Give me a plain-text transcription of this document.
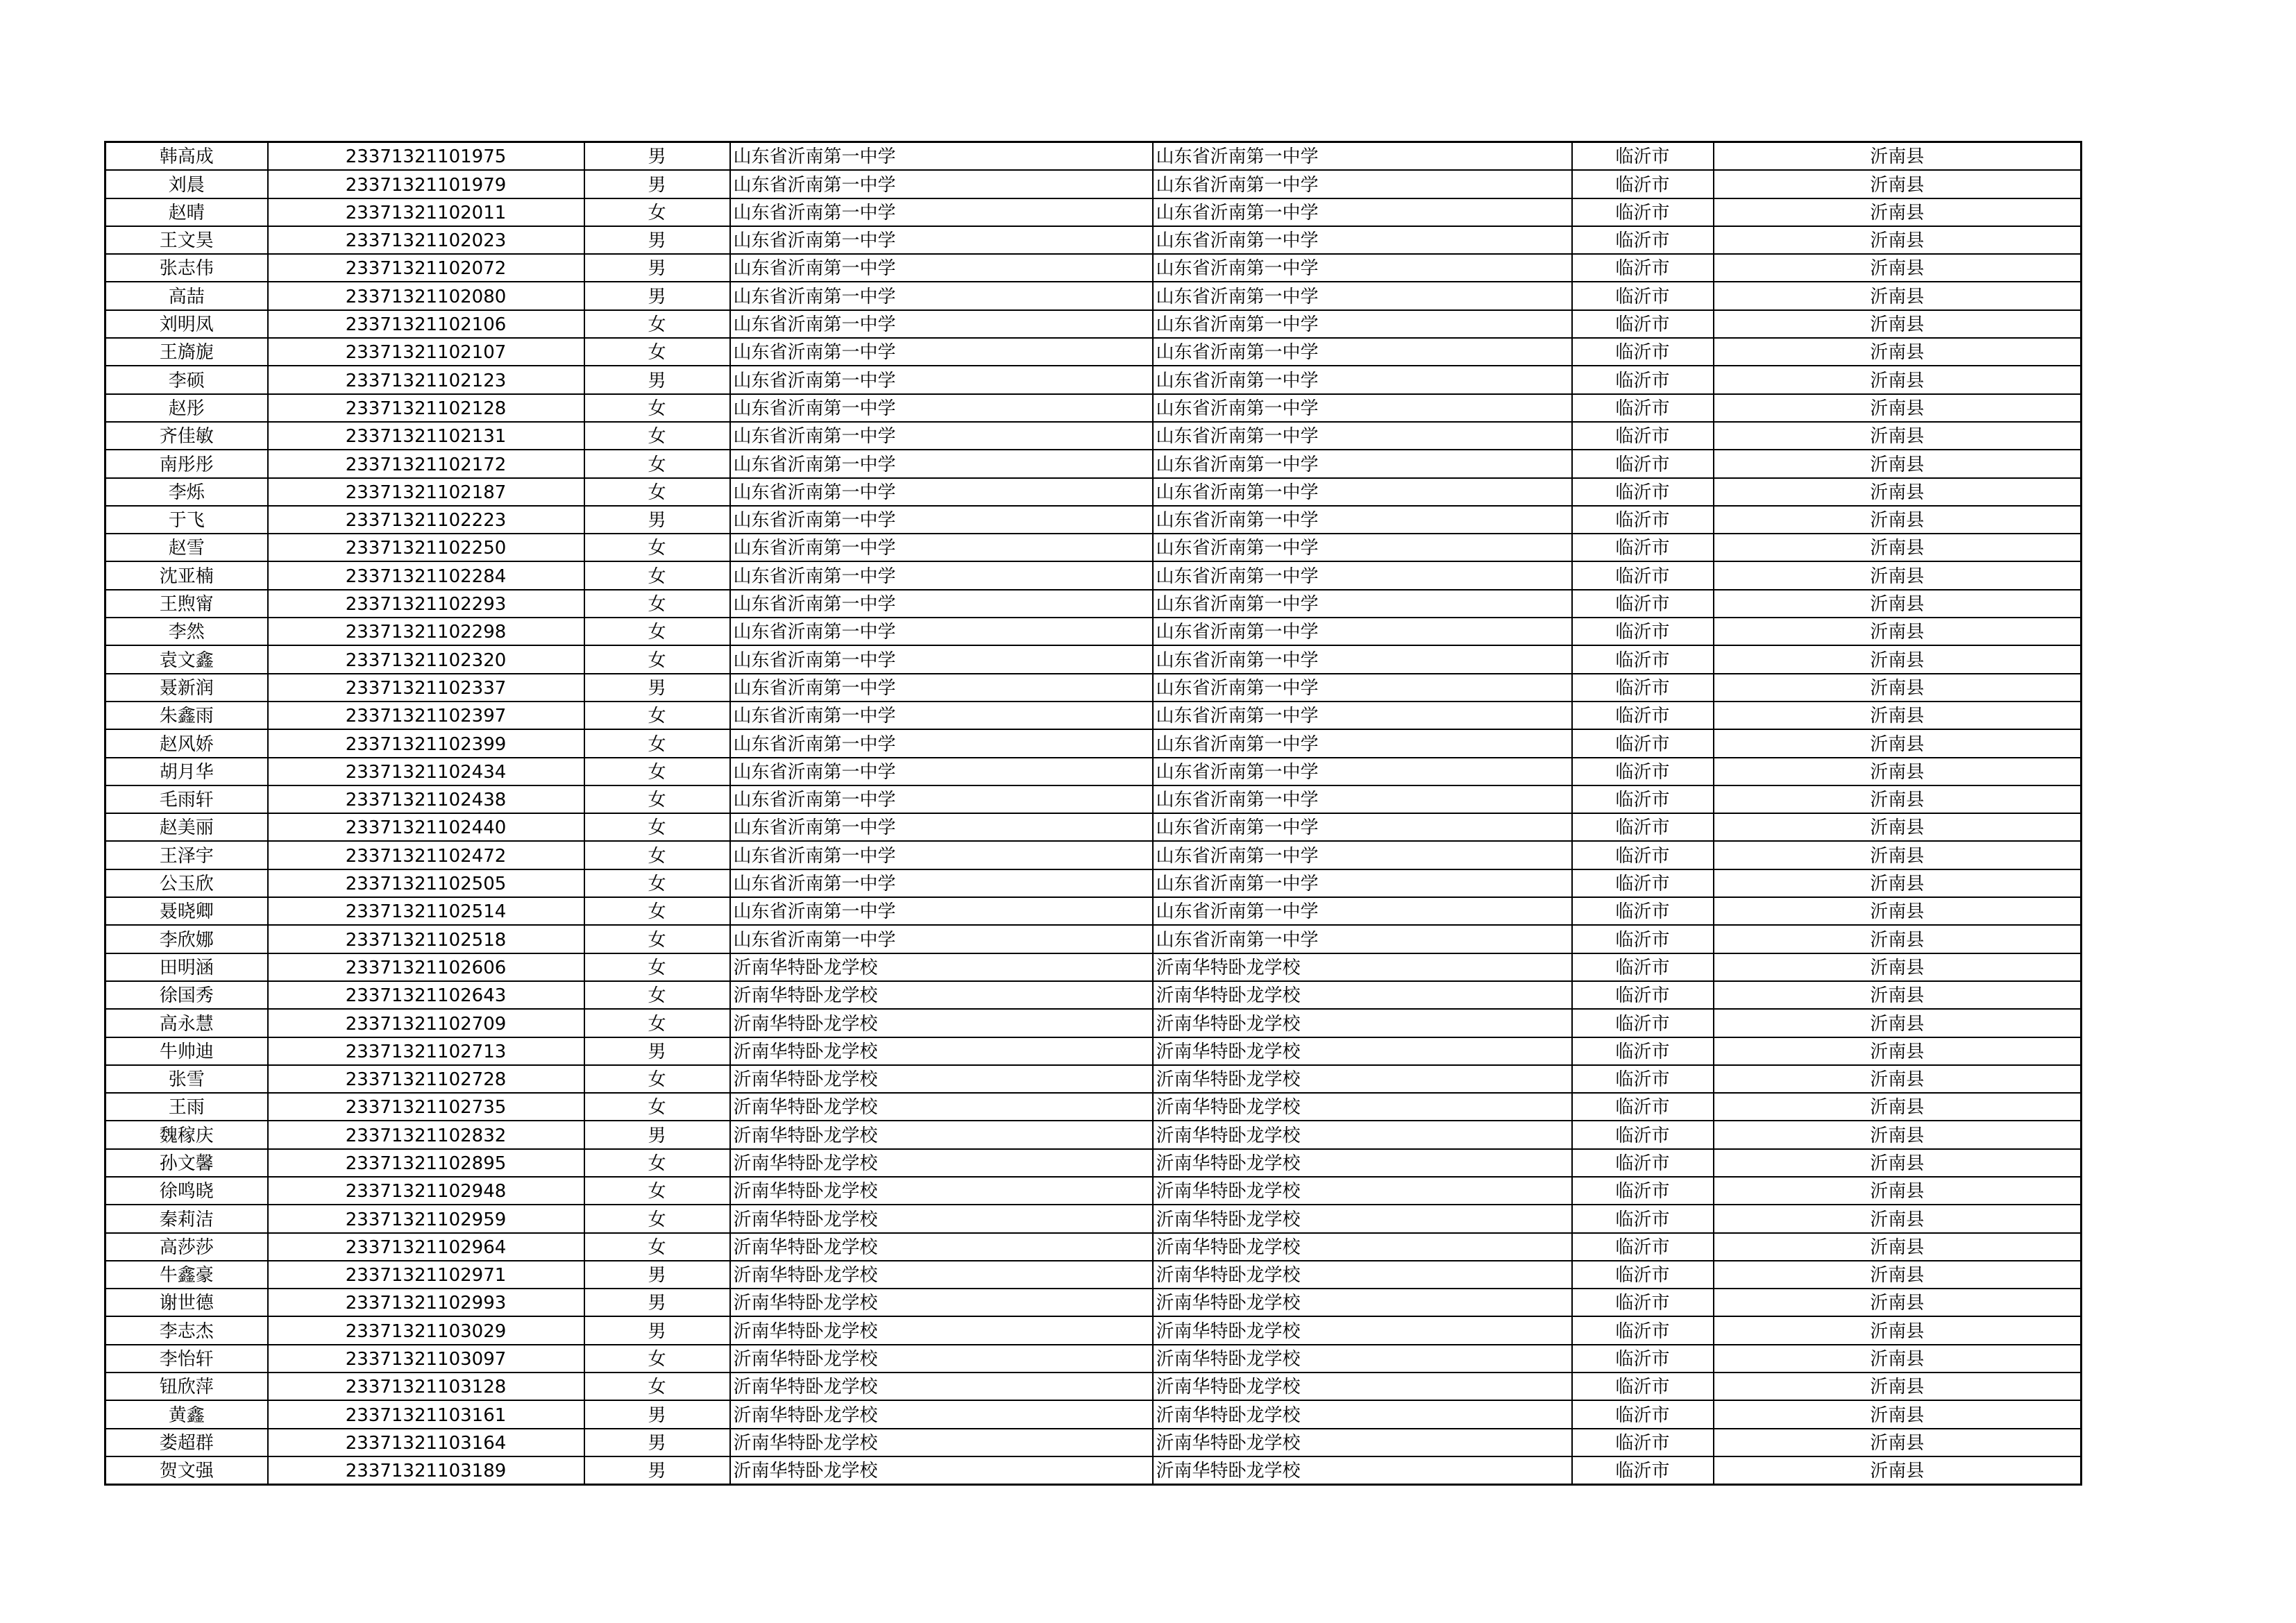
韩高成	23371321101975	男	山东省沂南第一中学	山东省沂南第一中学	临沂市	沂南县
刘晨	23371321101979	男	山东省沂南第一中学	山东省沂南第一中学	临沂市	沂南县
赵晴	23371321102011	女	山东省沂南第一中学	山东省沂南第一中学	临沂市	沂南县
王文昊	23371321102023	男	山东省沂南第一中学	山东省沂南第一中学	临沂市	沂南县
张志伟	23371321102072	男	山东省沂南第一中学	山东省沂南第一中学	临沂市	沂南县
高喆	23371321102080	男	山东省沂南第一中学	山东省沂南第一中学	临沂市	沂南县
刘明凤	23371321102106	女	山东省沂南第一中学	山东省沂南第一中学	临沂市	沂南县
王旖旎	23371321102107	女	山东省沂南第一中学	山东省沂南第一中学	临沂市	沂南县
李硕	23371321102123	男	山东省沂南第一中学	山东省沂南第一中学	临沂市	沂南县
赵彤	23371321102128	女	山东省沂南第一中学	山东省沂南第一中学	临沂市	沂南县
齐佳敏	23371321102131	女	山东省沂南第一中学	山东省沂南第一中学	临沂市	沂南县
南彤彤	23371321102172	女	山东省沂南第一中学	山东省沂南第一中学	临沂市	沂南县
李烁	23371321102187	女	山东省沂南第一中学	山东省沂南第一中学	临沂市	沂南县
于飞	23371321102223	男	山东省沂南第一中学	山东省沂南第一中学	临沂市	沂南县
赵雪	23371321102250	女	山东省沂南第一中学	山东省沂南第一中学	临沂市	沂南县
沈亚楠	23371321102284	女	山东省沂南第一中学	山东省沂南第一中学	临沂市	沂南县
王煦甯	23371321102293	女	山东省沂南第一中学	山东省沂南第一中学	临沂市	沂南县
李然	23371321102298	女	山东省沂南第一中学	山东省沂南第一中学	临沂市	沂南县
袁文鑫	23371321102320	女	山东省沂南第一中学	山东省沂南第一中学	临沂市	沂南县
聂新润	23371321102337	男	山东省沂南第一中学	山东省沂南第一中学	临沂市	沂南县
朱鑫雨	23371321102397	女	山东省沂南第一中学	山东省沂南第一中学	临沂市	沂南县
赵风娇	23371321102399	女	山东省沂南第一中学	山东省沂南第一中学	临沂市	沂南县
胡月华	23371321102434	女	山东省沂南第一中学	山东省沂南第一中学	临沂市	沂南县
毛雨轩	23371321102438	女	山东省沂南第一中学	山东省沂南第一中学	临沂市	沂南县
赵美丽	23371321102440	女	山东省沂南第一中学	山东省沂南第一中学	临沂市	沂南县
王泽宇	23371321102472	女	山东省沂南第一中学	山东省沂南第一中学	临沂市	沂南县
公玉欣	23371321102505	女	山东省沂南第一中学	山东省沂南第一中学	临沂市	沂南县
聂晓卿	23371321102514	女	山东省沂南第一中学	山东省沂南第一中学	临沂市	沂南县
李欣娜	23371321102518	女	山东省沂南第一中学	山东省沂南第一中学	临沂市	沂南县
田明涵	23371321102606	女	沂南华特卧龙学校	沂南华特卧龙学校	临沂市	沂南县
徐国秀	23371321102643	女	沂南华特卧龙学校	沂南华特卧龙学校	临沂市	沂南县
高永慧	23371321102709	女	沂南华特卧龙学校	沂南华特卧龙学校	临沂市	沂南县
牛帅迪	23371321102713	男	沂南华特卧龙学校	沂南华特卧龙学校	临沂市	沂南县
张雪	23371321102728	女	沂南华特卧龙学校	沂南华特卧龙学校	临沂市	沂南县
王雨	23371321102735	女	沂南华特卧龙学校	沂南华特卧龙学校	临沂市	沂南县
魏稼庆	23371321102832	男	沂南华特卧龙学校	沂南华特卧龙学校	临沂市	沂南县
孙文馨	23371321102895	女	沂南华特卧龙学校	沂南华特卧龙学校	临沂市	沂南县
徐鸣晓	23371321102948	女	沂南华特卧龙学校	沂南华特卧龙学校	临沂市	沂南县
秦莉洁	23371321102959	女	沂南华特卧龙学校	沂南华特卧龙学校	临沂市	沂南县
高莎莎	23371321102964	女	沂南华特卧龙学校	沂南华特卧龙学校	临沂市	沂南县
牛鑫豪	23371321102971	男	沂南华特卧龙学校	沂南华特卧龙学校	临沂市	沂南县
谢世德	23371321102993	男	沂南华特卧龙学校	沂南华特卧龙学校	临沂市	沂南县
李志杰	23371321103029	男	沂南华特卧龙学校	沂南华特卧龙学校	临沂市	沂南县
李怡轩	23371321103097	女	沂南华特卧龙学校	沂南华特卧龙学校	临沂市	沂南县
钮欣萍	23371321103128	女	沂南华特卧龙学校	沂南华特卧龙学校	临沂市	沂南县
黄鑫	23371321103161	男	沂南华特卧龙学校	沂南华特卧龙学校	临沂市	沂南县
娄超群	23371321103164	男	沂南华特卧龙学校	沂南华特卧龙学校	临沂市	沂南县
贺文强	23371321103189	男	沂南华特卧龙学校	沂南华特卧龙学校	临沂市	沂南县
